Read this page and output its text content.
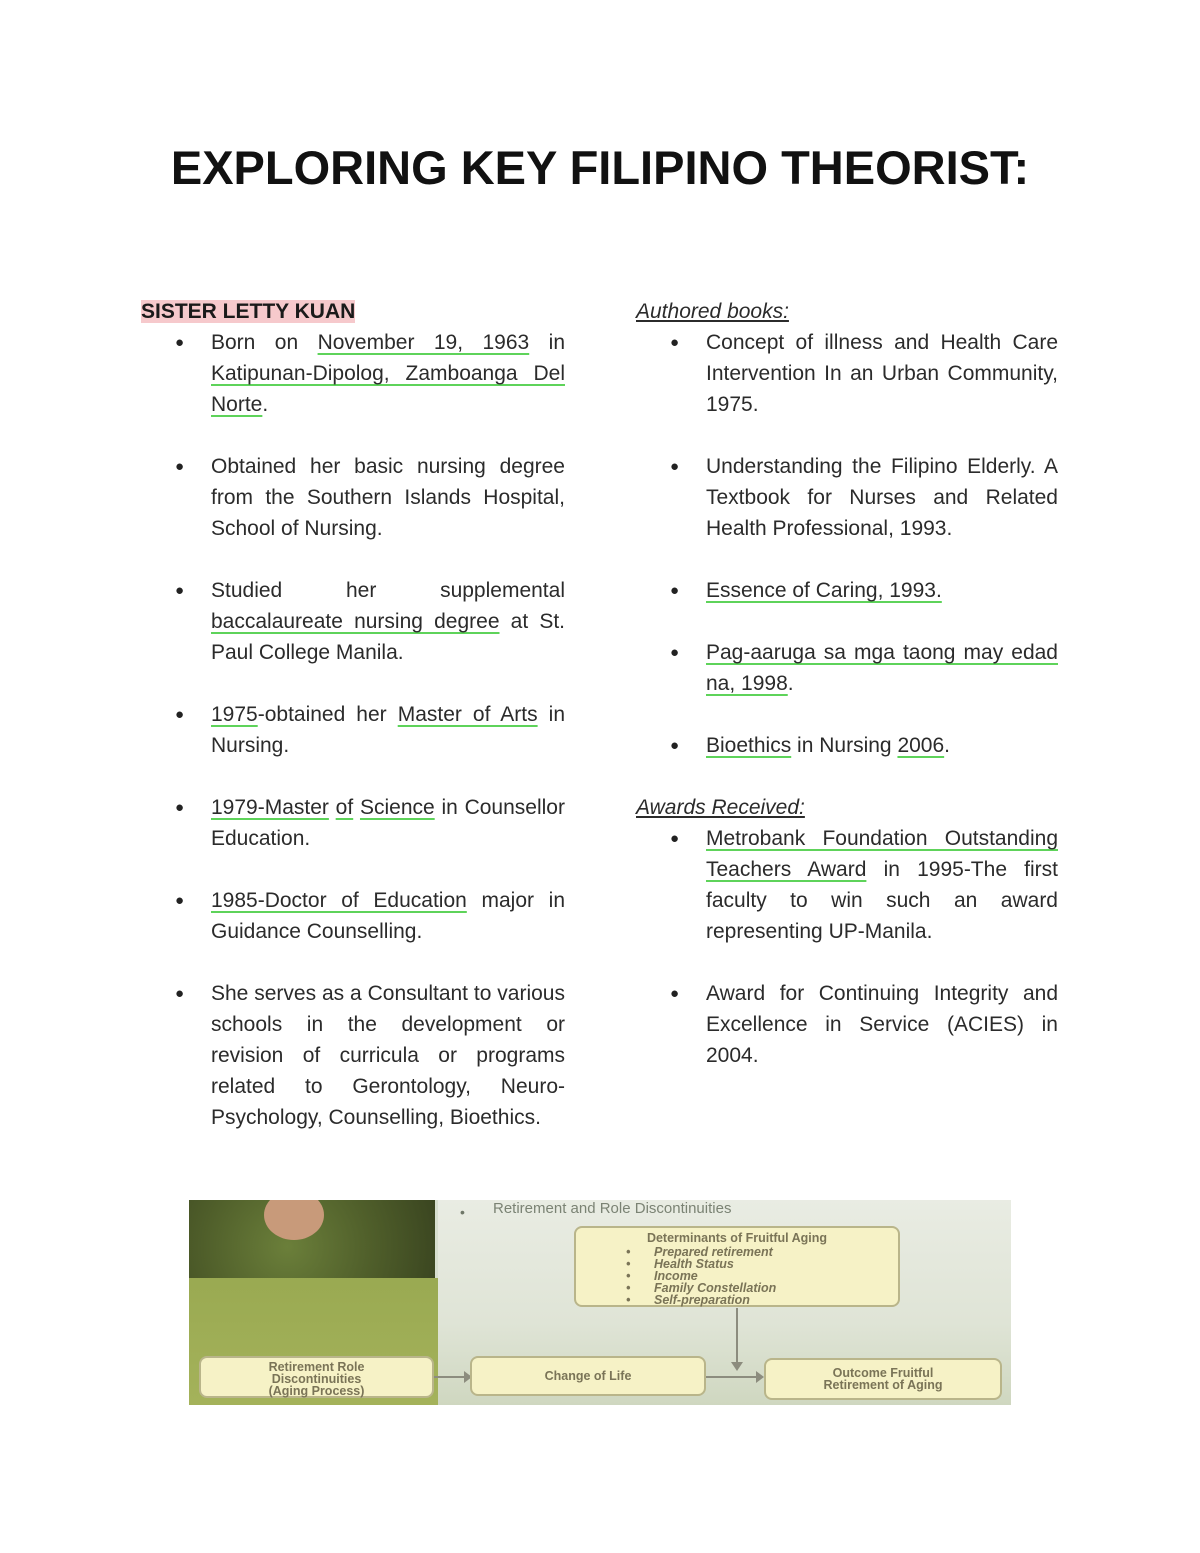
EXPLORING KEY FILIPINO THEORIST:
SISTER LETTY KUAN
● Born on November 19, 1963 in Katipunan-Dipolog, Zamboanga Del Norte.
● Obtained her basic nursing degree from the Southern Islands Hospital, School of Nursing.
● Studied her supplemental baccalaureate nursing degree at St. Paul College Manila.
● 1975-obtained her Master of Arts in Nursing.
● 1979-Master of Science in Counsellor Education.
● 1985-Doctor of Education major in Guidance Counselling.
● She serves as a Consultant to various schools in the development or revision of curricula or programs related to Gerontology, Neuro-Psychology, Counselling, Bioethics.
Authored books:
● Concept of illness and Health Care Intervention In an Urban Community, 1975.
● Understanding the Filipino Elderly. A Textbook for Nurses and Related Health Professional, 1993.
● Essence of Caring, 1993.
● Pag-aaruga sa mga taong may edad na, 1998.
● Bioethics in Nursing 2006.
Awards Received:
● Metrobank Foundation Outstanding Teachers Award in 1995-The first faculty to win such an award representing UP-Manila.
● Award for Continuing Integrity and Excellence in Service (ACIES) in 2004.
• Retirement and Role Discontinuities
Determinants of Fruitful Aging
• Prepared retirement
• Health Status
• Income
• Family Constellation
• Self-preparation
Retirement Role
Discontinuities
(Aging Process)
Change of Life	Outcome Fruitful
Retirement of Aging
